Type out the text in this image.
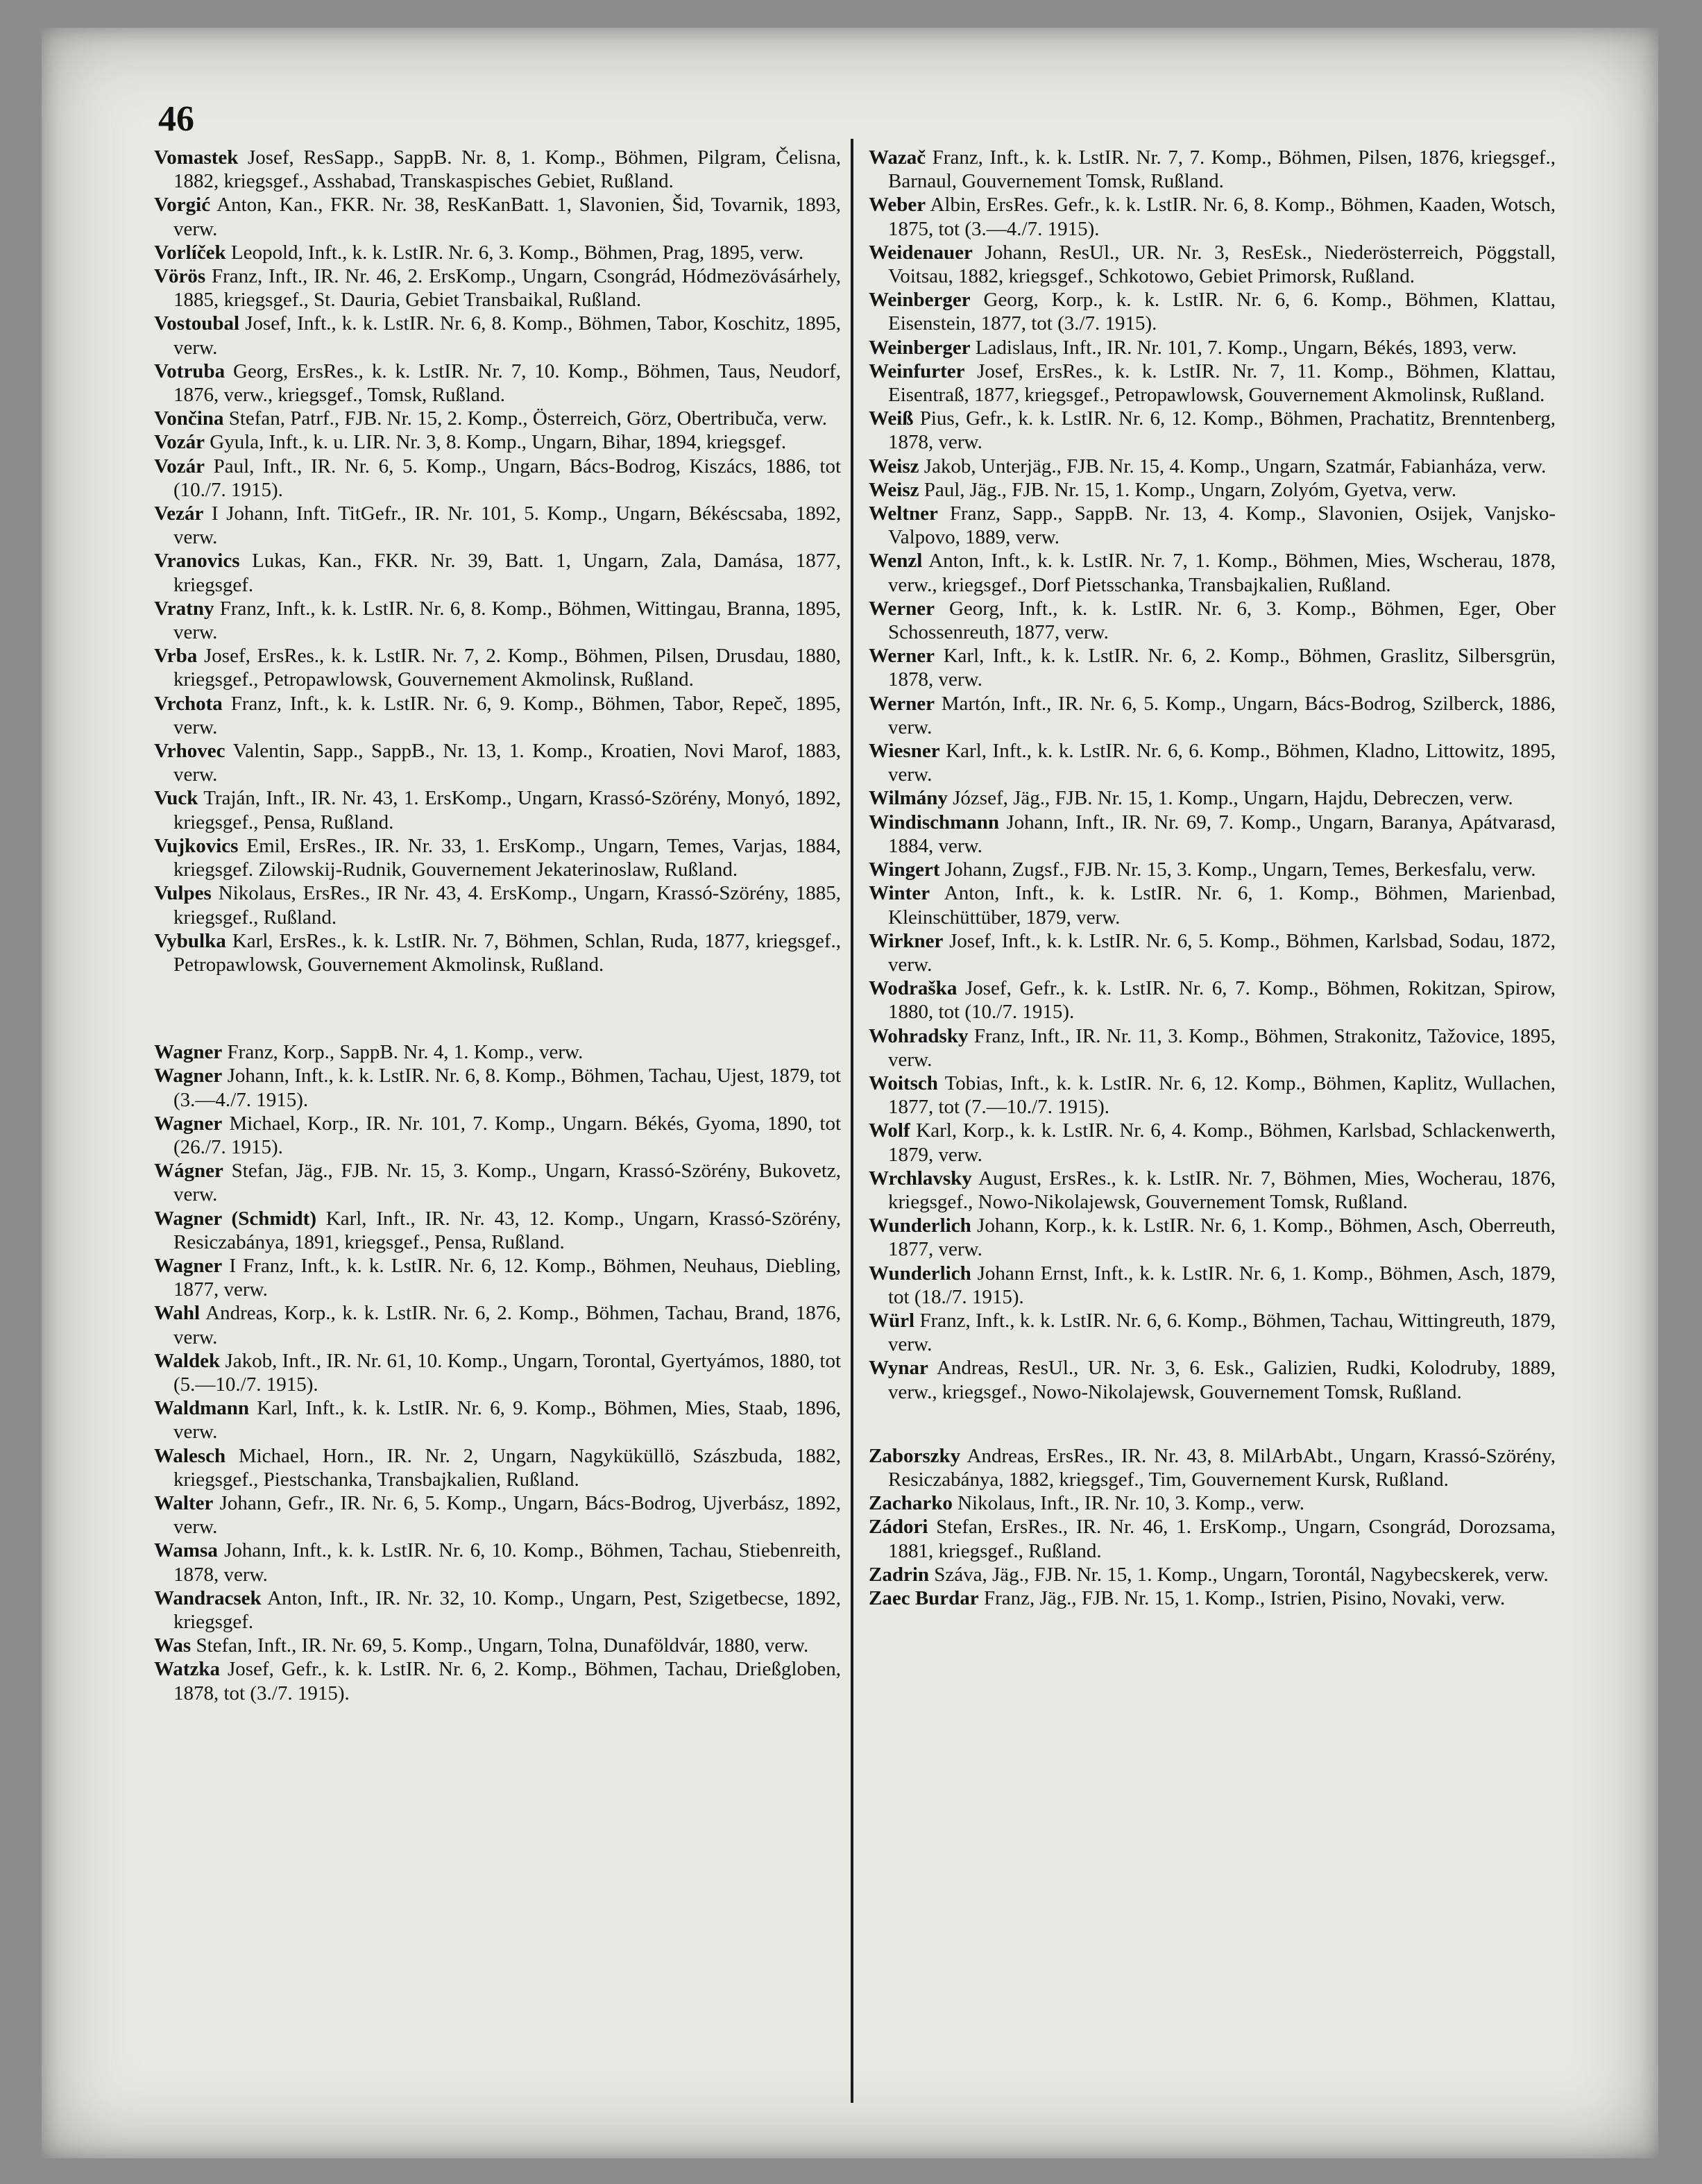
46

Vomastek Josef, ResSapp., SappB. Nr. 8, 1. Komp., Böhmen, Pilgram, Čelisna, 1882, kriegsgef., Asshabad, Transkaspisches Gebiet, Rußland.

Vorgić Anton, Kan., FKR. Nr. 38, ResKanBatt. 1, Slavonien, Šid, Tovarnik, 1893, verw.

Vorlíček Leopold, Inft., k. k. LstIR. Nr. 6, 3. Komp., Böhmen, Prag, 1895, verw.

Vörös Franz, Inft., IR. Nr. 46, 2. ErsKomp., Ungarn, Csongrád, Hódmezövásárhely, 1885, kriegsgef., St. Dauria, Gebiet Transbaikal, Rußland.

Vostoubal Josef, Inft., k. k. LstIR. Nr. 6, 8. Komp., Böhmen, Tabor, Koschitz, 1895, verw.

Votruba Georg, ErsRes., k. k. LstIR. Nr. 7, 10. Komp., Böhmen, Taus, Neudorf, 1876, verw., kriegsgef., Tomsk, Rußland.

Vončina Stefan, Patrf., FJB. Nr. 15, 2. Komp., Österreich, Görz, Obertribuča, verw.

Vozár Gyula, Inft., k. u. LIR. Nr. 3, 8. Komp., Ungarn, Bihar, 1894, kriegsgef.

Vozár Paul, Inft., IR. Nr. 6, 5. Komp., Ungarn, Bács-Bodrog, Kiszács, 1886, tot (10./7. 1915).

Vezár I Johann, Inft. TitGefr., IR. Nr. 101, 5. Komp., Ungarn, Békéscsaba, 1892, verw.

Vranovics Lukas, Kan., FKR. Nr. 39, Batt. 1, Ungarn, Zala, Damása, 1877, kriegsgef.

Vratny Franz, Inft., k. k. LstIR. Nr. 6, 8. Komp., Böhmen, Wittingau, Branna, 1895, verw.

Vrba Josef, ErsRes., k. k. LstIR. Nr. 7, 2. Komp., Böhmen, Pilsen, Drusdau, 1880, kriegsgef., Petropawlowsk, Gouvernement Akmolinsk, Rußland.

Vrchota Franz, Inft., k. k. LstIR. Nr. 6, 9. Komp., Böhmen, Tabor, Repeč, 1895, verw.

Vrhovec Valentin, Sapp., SappB., Nr. 13, 1. Komp., Kroatien, Novi Marof, 1883, verw.

Vuck Traján, Inft., IR. Nr. 43, 1. ErsKomp., Ungarn, Krassó-Szörény, Monyó, 1892, kriegsgef., Pensa, Rußland.

Vujkovics Emil, ErsRes., IR. Nr. 33, 1. ErsKomp., Ungarn, Temes, Varjas, 1884, kriegsgef. Zilowskij-Rudnik, Gouvernement Jekaterinoslaw, Rußland.

Vulpes Nikolaus, ErsRes., IR Nr. 43, 4. ErsKomp., Ungarn, Krassó-Szörény, 1885, kriegsgef., Rußland.

Vybulka Karl, ErsRes., k. k. LstIR. Nr. 7, Böhmen, Schlan, Ruda, 1877, kriegsgef., Petropawlowsk, Gouvernement Akmolinsk, Rußland.

Wagner Franz, Korp., SappB. Nr. 4, 1. Komp., verw.

Wagner Johann, Inft., k. k. LstIR. Nr. 6, 8. Komp., Böhmen, Tachau, Ujest, 1879, tot (3.—4./7. 1915).

Wagner Michael, Korp., IR. Nr. 101, 7. Komp., Ungarn. Békés, Gyoma, 1890, tot (26./7. 1915).

Wágner Stefan, Jäg., FJB. Nr. 15, 3. Komp., Ungarn, Krassó-Szörény, Bukovetz, verw.

Wagner (Schmidt) Karl, Inft., IR. Nr. 43, 12. Komp., Ungarn, Krassó-Szörény, Resiczabánya, 1891, kriegsgef., Pensa, Rußland.

Wagner I Franz, Inft., k. k. LstIR. Nr. 6, 12. Komp., Böhmen, Neuhaus, Diebling, 1877, verw.

Wahl Andreas, Korp., k. k. LstIR. Nr. 6, 2. Komp., Böhmen, Tachau, Brand, 1876, verw.

Waldek Jakob, Inft., IR. Nr. 61, 10. Komp., Ungarn, Torontal, Gyertyámos, 1880, tot (5.—10./7. 1915).

Waldmann Karl, Inft., k. k. LstIR. Nr. 6, 9. Komp., Böhmen, Mies, Staab, 1896, verw.

Walesch Michael, Horn., IR. Nr. 2, Ungarn, Nagyküküllö, Szászbuda, 1882, kriegsgef., Piestschanka, Transbajkalien, Rußland.

Walter Johann, Gefr., IR. Nr. 6, 5. Komp., Ungarn, Bács-Bodrog, Ujverbász, 1892, verw.

Wamsa Johann, Inft., k. k. LstIR. Nr. 6, 10. Komp., Böhmen, Tachau, Stiebenreith, 1878, verw.

Wandracsek Anton, Inft., IR. Nr. 32, 10. Komp., Ungarn, Pest, Szigetbecse, 1892, kriegsgef.

Was Stefan, Inft., IR. Nr. 69, 5. Komp., Ungarn, Tolna, Dunaföldvár, 1880, verw.

Watzka Josef, Gefr., k. k. LstIR. Nr. 6, 2. Komp., Böhmen, Tachau, Drießgloben, 1878, tot (3./7. 1915).

Wazač Franz, Inft., k. k. LstIR. Nr. 7, 7. Komp., Böhmen, Pilsen, 1876, kriegsgef., Barnaul, Gouvernement Tomsk, Rußland.

Weber Albin, ErsRes. Gefr., k. k. LstIR. Nr. 6, 8. Komp., Böhmen, Kaaden, Wotsch, 1875, tot (3.—4./7. 1915).

Weidenauer Johann, ResUl., UR. Nr. 3, ResEsk., Niederösterreich, Pöggstall, Voitsau, 1882, kriegsgef., Schkotowo, Gebiet Primorsk, Rußland.

Weinberger Georg, Korp., k. k. LstIR. Nr. 6, 6. Komp., Böhmen, Klattau, Eisenstein, 1877, tot (3./7. 1915).

Weinberger Ladislaus, Inft., IR. Nr. 101, 7. Komp., Ungarn, Békés, 1893, verw.

Weinfurter Josef, ErsRes., k. k. LstIR. Nr. 7, 11. Komp., Böhmen, Klattau, Eisentraß, 1877, kriegsgef., Petropawlowsk, Gouvernement Akmolinsk, Rußland.

Weiß Pius, Gefr., k. k. LstIR. Nr. 6, 12. Komp., Böhmen, Prachatitz, Brenntenberg, 1878, verw.

Weisz Jakob, Unterjäg., FJB. Nr. 15, 4. Komp., Ungarn, Szatmár, Fabianháza, verw.

Weisz Paul, Jäg., FJB. Nr. 15, 1. Komp., Ungarn, Zolyóm, Gyetva, verw.

Weltner Franz, Sapp., SappB. Nr. 13, 4. Komp., Slavonien, Osijek, Vanjsko-Valpovo, 1889, verw.

Wenzl Anton, Inft., k. k. LstIR. Nr. 7, 1. Komp., Böhmen, Mies, Wscherau, 1878, verw., kriegsgef., Dorf Pietsschanka, Transbajkalien, Rußland.

Werner Georg, Inft., k. k. LstIR. Nr. 6, 3. Komp., Böhmen, Eger, Ober Schossenreuth, 1877, verw.

Werner Karl, Inft., k. k. LstIR. Nr. 6, 2. Komp., Böhmen, Graslitz, Silbersgrün, 1878, verw.

Werner Martón, Inft., IR. Nr. 6, 5. Komp., Ungarn, Bács-Bodrog, Szilberck, 1886, verw.

Wiesner Karl, Inft., k. k. LstIR. Nr. 6, 6. Komp., Böhmen, Kladno, Littowitz, 1895, verw.

Wilmány József, Jäg., FJB. Nr. 15, 1. Komp., Ungarn, Hajdu, Debreczen, verw.

Windischmann Johann, Inft., IR. Nr. 69, 7. Komp., Ungarn, Baranya, Apátvarasd, 1884, verw.

Wingert Johann, Zugsf., FJB. Nr. 15, 3. Komp., Ungarn, Temes, Berkesfalu, verw.

Winter Anton, Inft., k. k. LstIR. Nr. 6, 1. Komp., Böhmen, Marienbad, Kleinschüttüber, 1879, verw.

Wirkner Josef, Inft., k. k. LstIR. Nr. 6, 5. Komp., Böhmen, Karlsbad, Sodau, 1872, verw.

Wodraška Josef, Gefr., k. k. LstIR. Nr. 6, 7. Komp., Böhmen, Rokitzan, Spirow, 1880, tot (10./7. 1915).

Wohradsky Franz, Inft., IR. Nr. 11, 3. Komp., Böhmen, Strakonitz, Tažovice, 1895, verw.

Woitsch Tobias, Inft., k. k. LstIR. Nr. 6, 12. Komp., Böhmen, Kaplitz, Wullachen, 1877, tot (7.—10./7. 1915).

Wolf Karl, Korp., k. k. LstIR. Nr. 6, 4. Komp., Böhmen, Karlsbad, Schlackenwerth, 1879, verw.

Wrchlavsky August, ErsRes., k. k. LstIR. Nr. 7, Böhmen, Mies, Wocherau, 1876, kriegsgef., Nowo-Nikolajewsk, Gouvernement Tomsk, Rußland.

Wunderlich Johann, Korp., k. k. LstIR. Nr. 6, 1. Komp., Böhmen, Asch, Oberreuth, 1877, verw.

Wunderlich Johann Ernst, Inft., k. k. LstIR. Nr. 6, 1. Komp., Böhmen, Asch, 1879, tot (18./7. 1915).

Würl Franz, Inft., k. k. LstIR. Nr. 6, 6. Komp., Böhmen, Tachau, Wittingreuth, 1879, verw.

Wynar Andreas, ResUl., UR. Nr. 3, 6. Esk., Galizien, Rudki, Kolodruby, 1889, verw., kriegsgef., Nowo-Nikolajewsk, Gouvernement Tomsk, Rußland.

Zaborszky Andreas, ErsRes., IR. Nr. 43, 8. MilArbAbt., Ungarn, Krassó-Szörény, Resiczabánya, 1882, kriegsgef., Tim, Gouvernement Kursk, Rußland.

Zacharko Nikolaus, Inft., IR. Nr. 10, 3. Komp., verw.

Zádori Stefan, ErsRes., IR. Nr. 46, 1. ErsKomp., Ungarn, Csongrád, Dorozsama, 1881, kriegsgef., Rußland.

Zadrin Száva, Jäg., FJB. Nr. 15, 1. Komp., Ungarn, Torontál, Nagybecskerek, verw.

Zaec Burdar Franz, Jäg., FJB. Nr. 15, 1. Komp., Istrien, Pisino, Novaki, verw.
